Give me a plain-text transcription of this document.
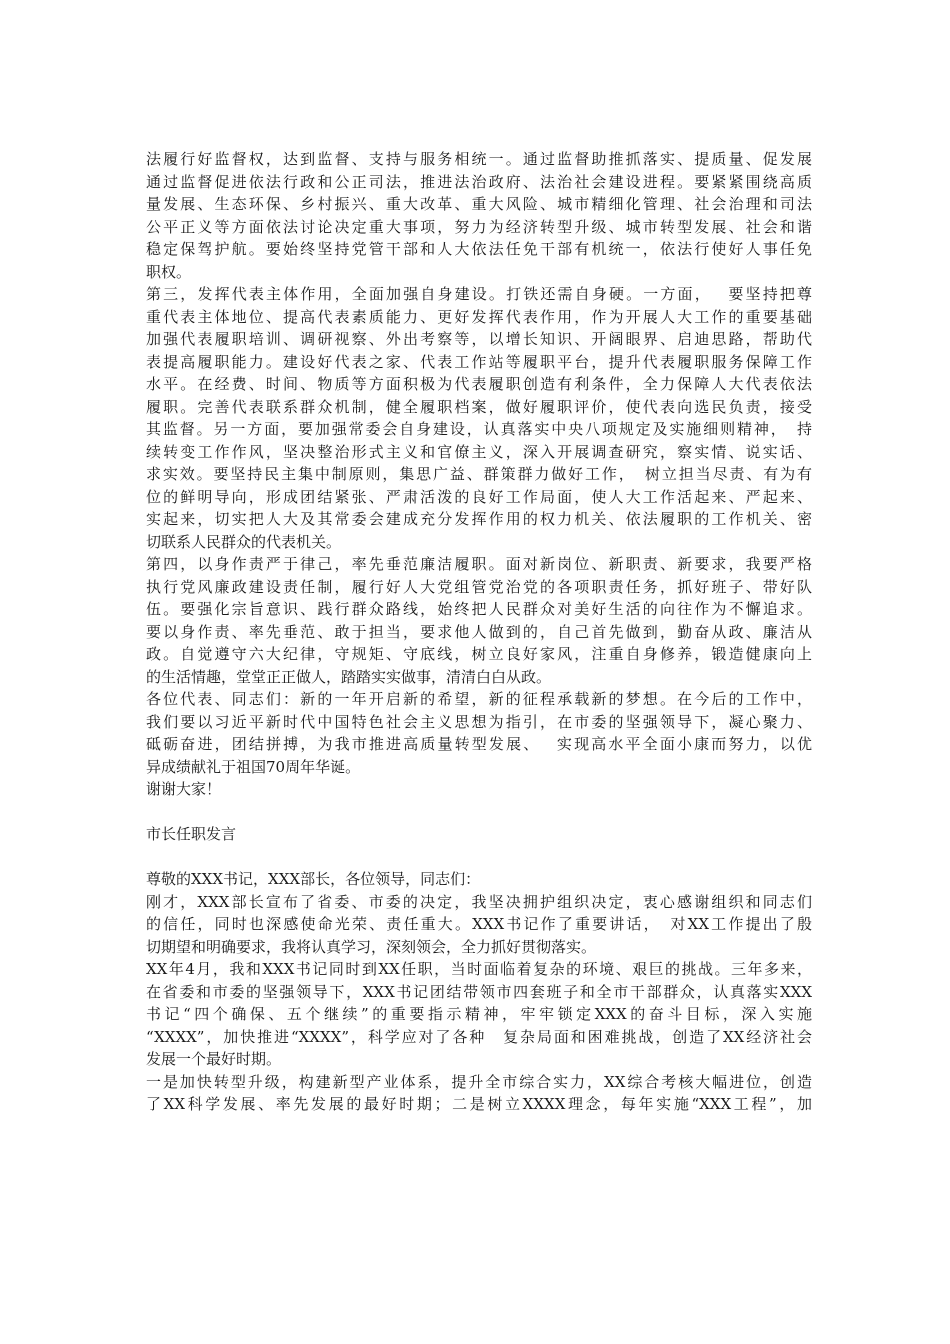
法履行好监督权，达到监督、支持与服务相统一。通过监督助推抓落实、提质量、促发展
通过监督促进依法行政和公正司法，推进法治政府、法治社会建设进程。要紧紧围绕高质
量发展、生态环保、乡村振兴、重大改革、重大风险、城市精细化管理、社会治理和司法
公平正义等方面依法讨论决定重大事项，努力为经济转型升级、城市转型发展、社会和谐
稳定保驾护航。要始终坚持党管干部和人大依法任免干部有机统一，依法行使好人事任免
职权。
第三，发挥代表主体作用，全面加强自身建设。打铁还需自身硬。一方面，　 要坚持把尊
重代表主体地位、提高代表素质能力、更好发挥代表作用，作为开展人大工作的重要基础
加强代表履职培训、调研视察、外出考察等，以增长知识、开阔眼界、启迪思路，帮助代
表提高履职能力。建设好代表之家、代表工作站等履职平台，提升代表履职服务保障工作
水平。在经费、时间、物质等方面积极为代表履职创造有利条件，全力保障人大代表依法
履职。完善代表联系群众机制，健全履职档案，做好履职评价，使代表向选民负责，接受
其监督。另一方面，要加强常委会自身建设，认真落实中央八项规定及实施细则精神，　持
续转变工作作风，坚决整治形式主义和官僚主义，深入开展调查研究，察实情、说实话、
求实效。要坚持民主集中制原则，集思广益、群策群力做好工作，　树立担当尽责、有为有
位的鲜明导向，形成团结紧张、严肃活泼的良好工作局面，使人大工作活起来、严起来、
实起来，切实把人大及其常委会建成充分发挥作用的权力机关、依法履职的工作机关、密
切联系人民群众的代表机关。
第四，以身作责严于律己，率先垂范廉洁履职。面对新岗位、新职责、新要求，我要严格
执行党风廉政建设责任制，履行好人大党组管党治党的各项职责任务，抓好班子、带好队
伍。要强化宗旨意识、践行群众路线，始终把人民群众对美好生活的向往作为不懈追求。
要以身作责、率先垂范、敢于担当，要求他人做到的，自己首先做到，勤奋从政、廉洁从
政。自觉遵守六大纪律，守规矩、守底线，树立良好家风，注重自身修养，锻造健康向上
的生活情趣，堂堂正正做人，踏踏实实做事，清清白白从政。
各位代表、同志们：新的一年开启新的希望，新的征程承载新的梦想。在今后的工作中，
我们要以习近平新时代中国特色社会主义思想为指引，在市委的坚强领导下，凝心聚力、
砥砺奋进，团结拼搏，为我市推进高质量转型发展、　 实现高水平全面小康而努力，以优
异成绩献礼于祖国70周年华诞。
谢谢大家！
市长任职发言
尊敬的XXX书记，XXX部长，各位领导，同志们：
刚才，XXX部长宣布了省委、市委的决定，我坚决拥护组织决定，衷心感谢组织和同志们
的信任，同时也深感使命光荣、责任重大。XXX书记作了重要讲话，　对XX工作提出了殷
切期望和明确要求，我将认真学习，深刻领会，全力抓好贯彻落实。
XX年4月，我和XXX书记同时到XX任职，当时面临着复杂的环境、艰巨的挑战。三年多来，
在省委和市委的坚强领导下，XXX书记团结带领市四套班子和全市干部群众，认真落实XXX
书记“四个确保、五个继续”的重要指示精神，牢牢锁定XXX的奋斗目标，深入实施
“XXXX”，加快推进“XXXX”，科学应对了各种　复杂局面和困难挑战，创造了XX经济社会
发展一个最好时期。
一是加快转型升级，构建新型产业体系，提升全市综合实力，XX综合考核大幅进位，创造
了XX科学发展、率先发展的最好时期；二是树立XXXX理念，每年实施“XXX工程”，加
